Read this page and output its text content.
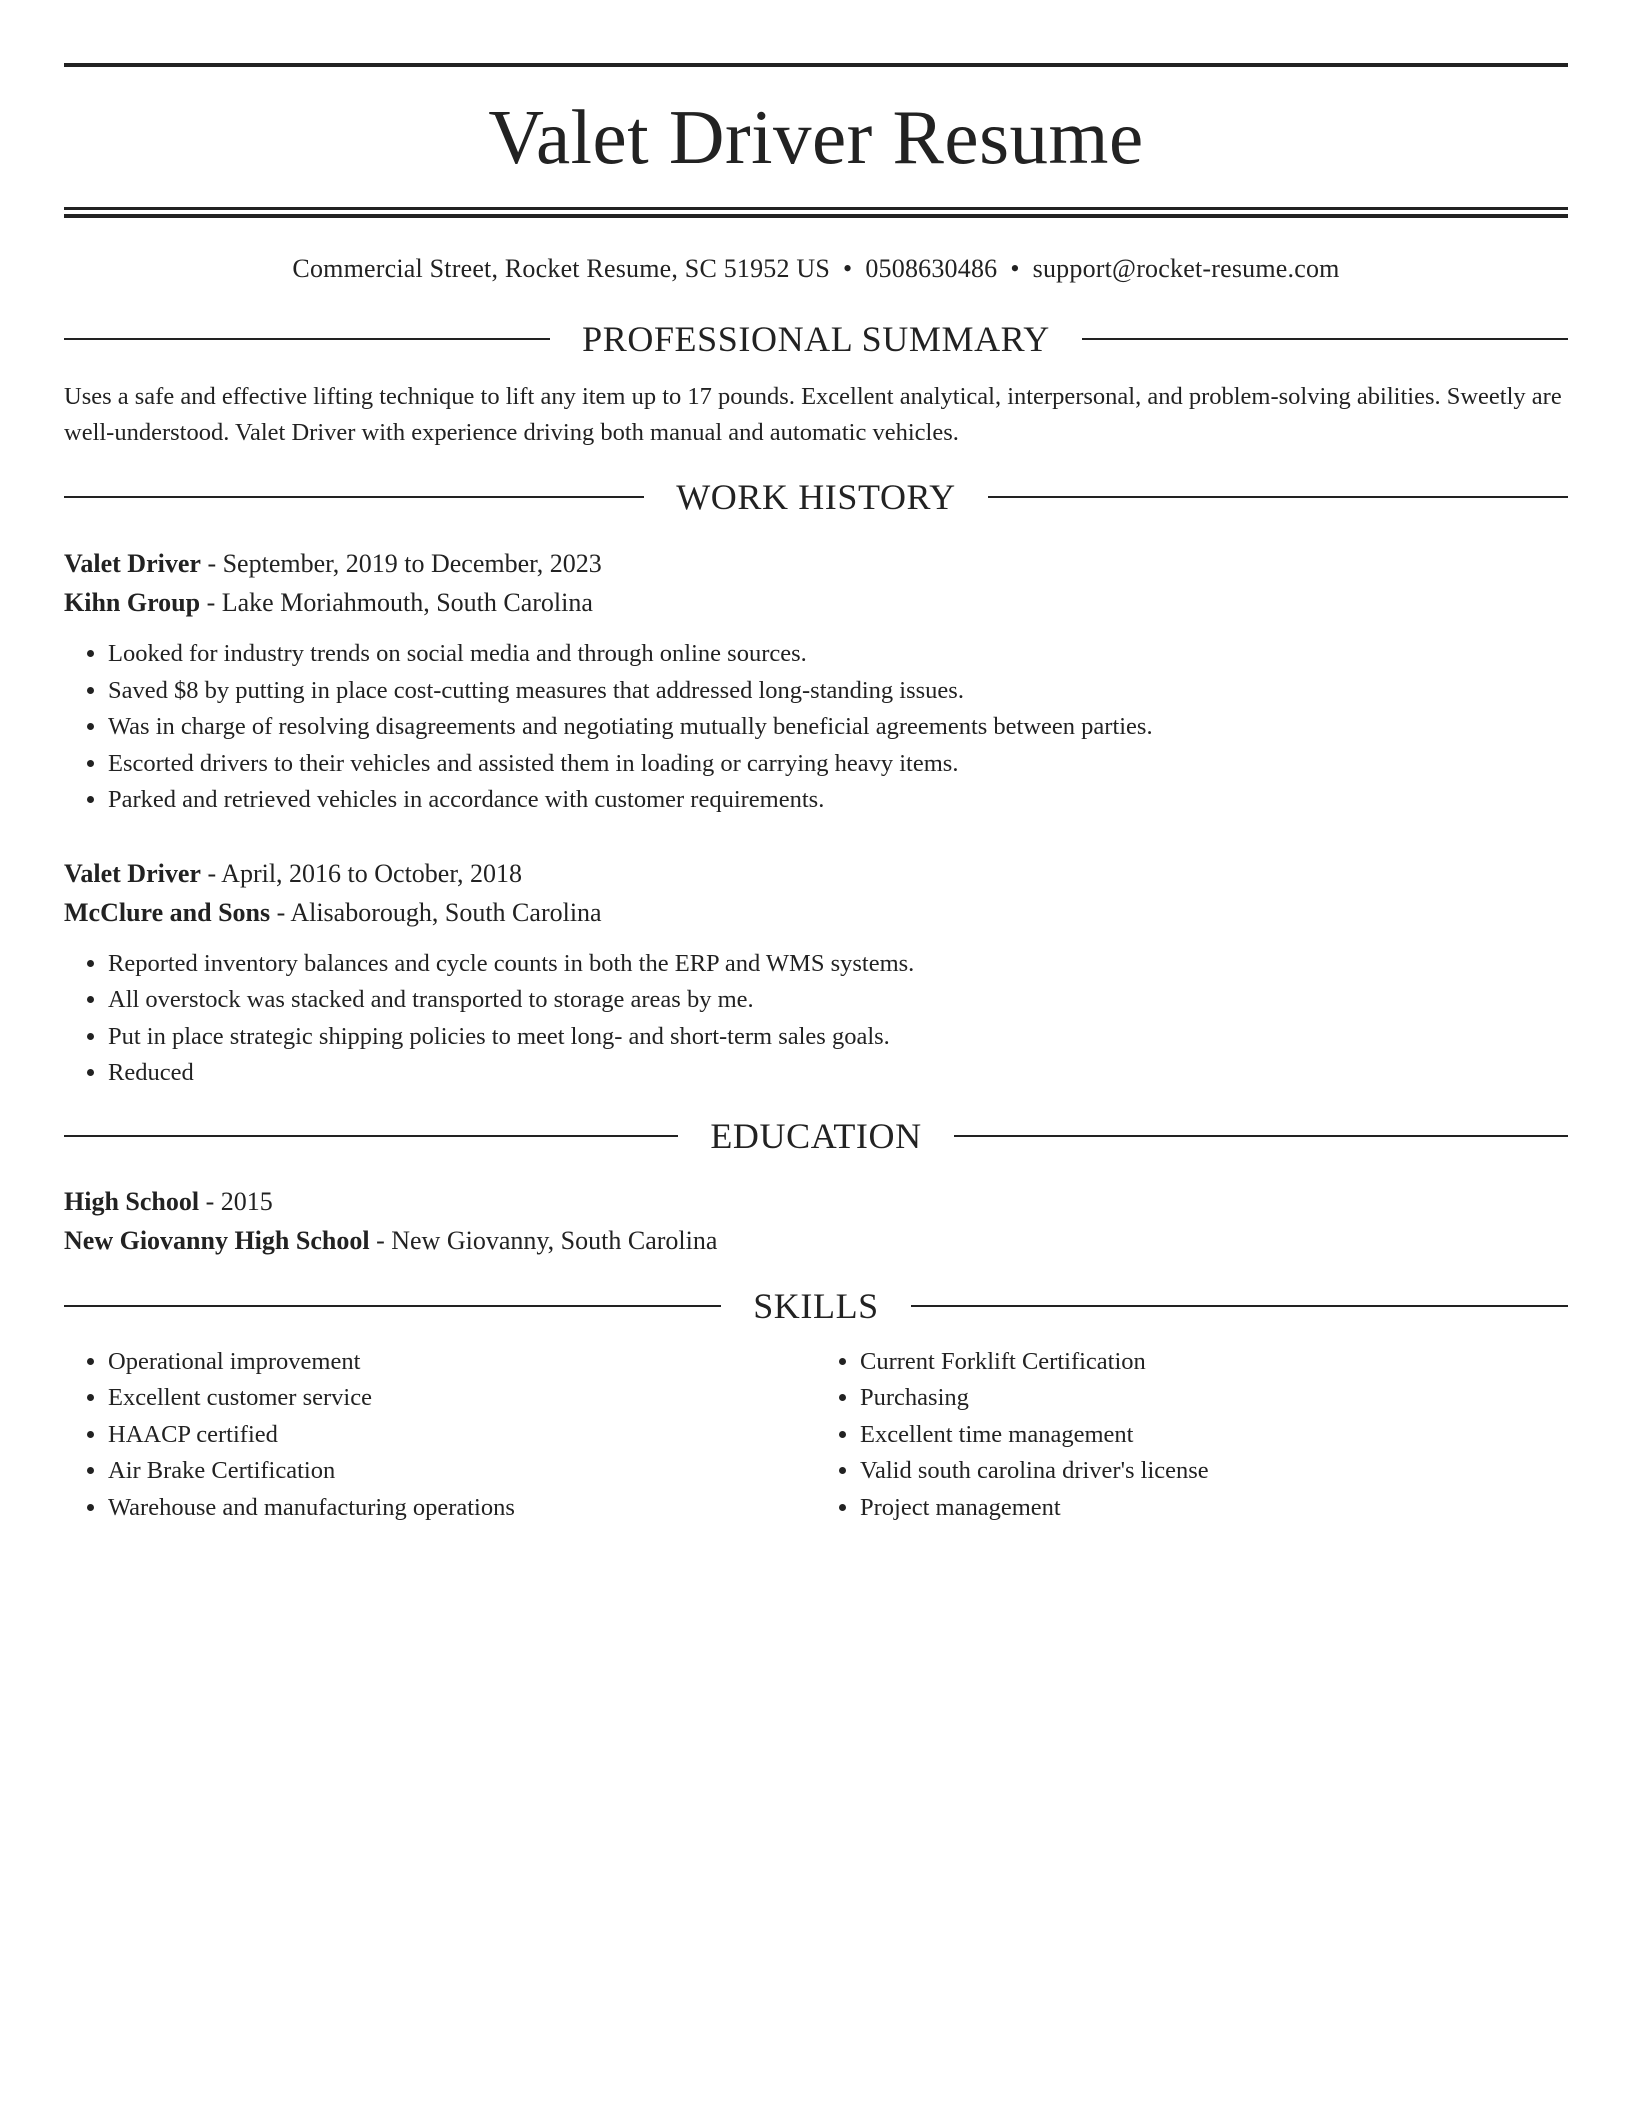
Valet Driver Resume
Commercial Street, Rocket Resume, SC 51952 US • 0508630486 • support@rocket-resume.com
PROFESSIONAL SUMMARY
Uses a safe and effective lifting technique to lift any item up to 17 pounds. Excellent analytical, interpersonal, and problem-solving abilities. Sweetly are well-understood. Valet Driver with experience driving both manual and automatic vehicles.
WORK HISTORY
Valet Driver - September, 2019 to December, 2023
Kihn Group - Lake Moriahmouth, South Carolina
• Looked for industry trends on social media and through online sources.
• Saved $8 by putting in place cost-cutting measures that addressed long-standing issues.
• Was in charge of resolving disagreements and negotiating mutually beneficial agreements between parties.
• Escorted drivers to their vehicles and assisted them in loading or carrying heavy items.
• Parked and retrieved vehicles in accordance with customer requirements.
Valet Driver - April, 2016 to October, 2018
McClure and Sons - Alisaborough, South Carolina
• Reported inventory balances and cycle counts in both the ERP and WMS systems.
• All overstock was stacked and transported to storage areas by me.
• Put in place strategic shipping policies to meet long- and short-term sales goals.
• Reduced
EDUCATION
High School - 2015
New Giovanny High School - New Giovanny, South Carolina
SKILLS
• Operational improvement
• Excellent customer service
• HAACP certified
• Air Brake Certification
• Warehouse and manufacturing operations
• Current Forklift Certification
• Purchasing
• Excellent time management
• Valid south carolina driver's license
• Project management
